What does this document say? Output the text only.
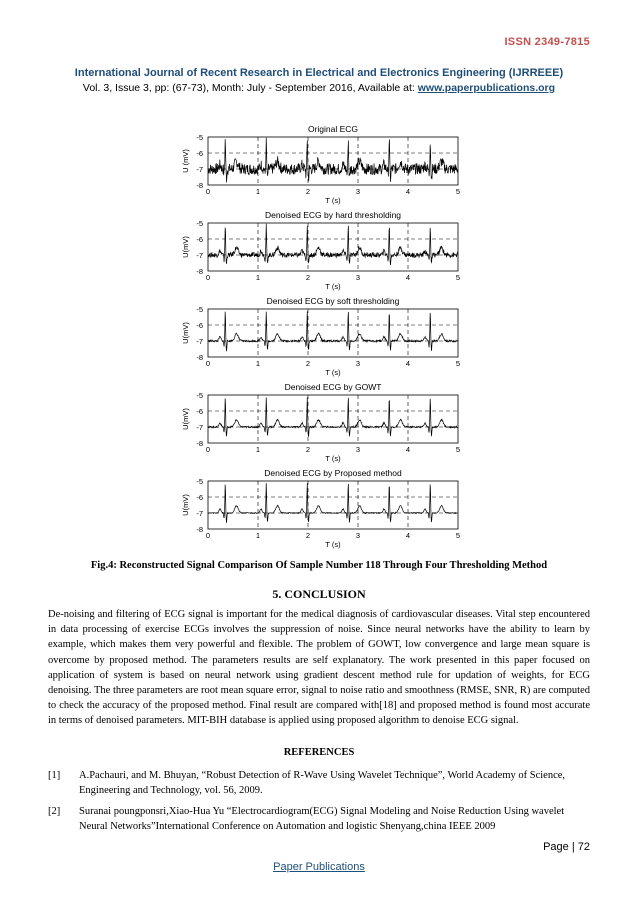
ISSN 2349-7815
International Journal of Recent Research in Electrical and Electronics Engineering (IJRREEE)
Vol. 3, Issue 3, pp: (67-73), Month: July - September 2016, Available at: www.paperpublications.org
Original ECG
-5
-6
-7
-8
0	1	2	3	4	5
U (mV)
T (s)
Denoised ECG by hard thresholding
-5
-6
-7
-8
0	1	2	3	4	5
U(mV)
T (s)
Denoised ECG by soft thresholding
-5
-6
-7
-8
0	1	2	3	4	5
U(mV)
T (s)
Denoised ECG by GOWT
-5
-6
-7
-8
0	1	2	3	4	5
U(mV)
T (s)
Denoised ECG by Proposed method
-5
-6
-7
-8
0	1	2	3	4	5
U(mV)
T (s)
Fig.4: Reconstructed Signal Comparison Of Sample Number 118 Through Four Thresholding Method
5. CONCLUSION
De-noising and filtering of ECG signal is important for the medical diagnosis of cardiovascular diseases. Vital step encountered in data processing of exercise ECGs involves the suppression of noise. Since neural networks have the ability to learn by example, which makes them very powerful and flexible. The problem of GOWT, low convergence and large mean square is overcome by proposed method. The parameters results are self explanatory. The work presented in this paper focused on application of system is based on neural network using gradient descent method rule for updation of weights, for ECG denoising. The three parameters are root mean square error, signal to noise ratio and smoothness (RMSE, SNR, R) are computed to check the accuracy of the proposed method. Final result are compared with[18] and proposed method is found most accurate in terms of denoised parameters. MIT-BIH database is applied using proposed algorithm to denoise ECG signal.
REFERENCES
[1] A.Pachauri, and M. Bhuyan, “Robust Detection of R-Wave Using Wavelet Technique”, World Academy of Science, Engineering and Technology, vol. 56, 2009.
[2] Suranai poungponsri,Xiao-Hua Yu “Electrocardiogram(ECG) Signal Modeling and Noise Reduction Using wavelet Neural Networks”International Conference on Automation and logistic Shenyang,china IEEE 2009
Page | 72
Paper Publications
